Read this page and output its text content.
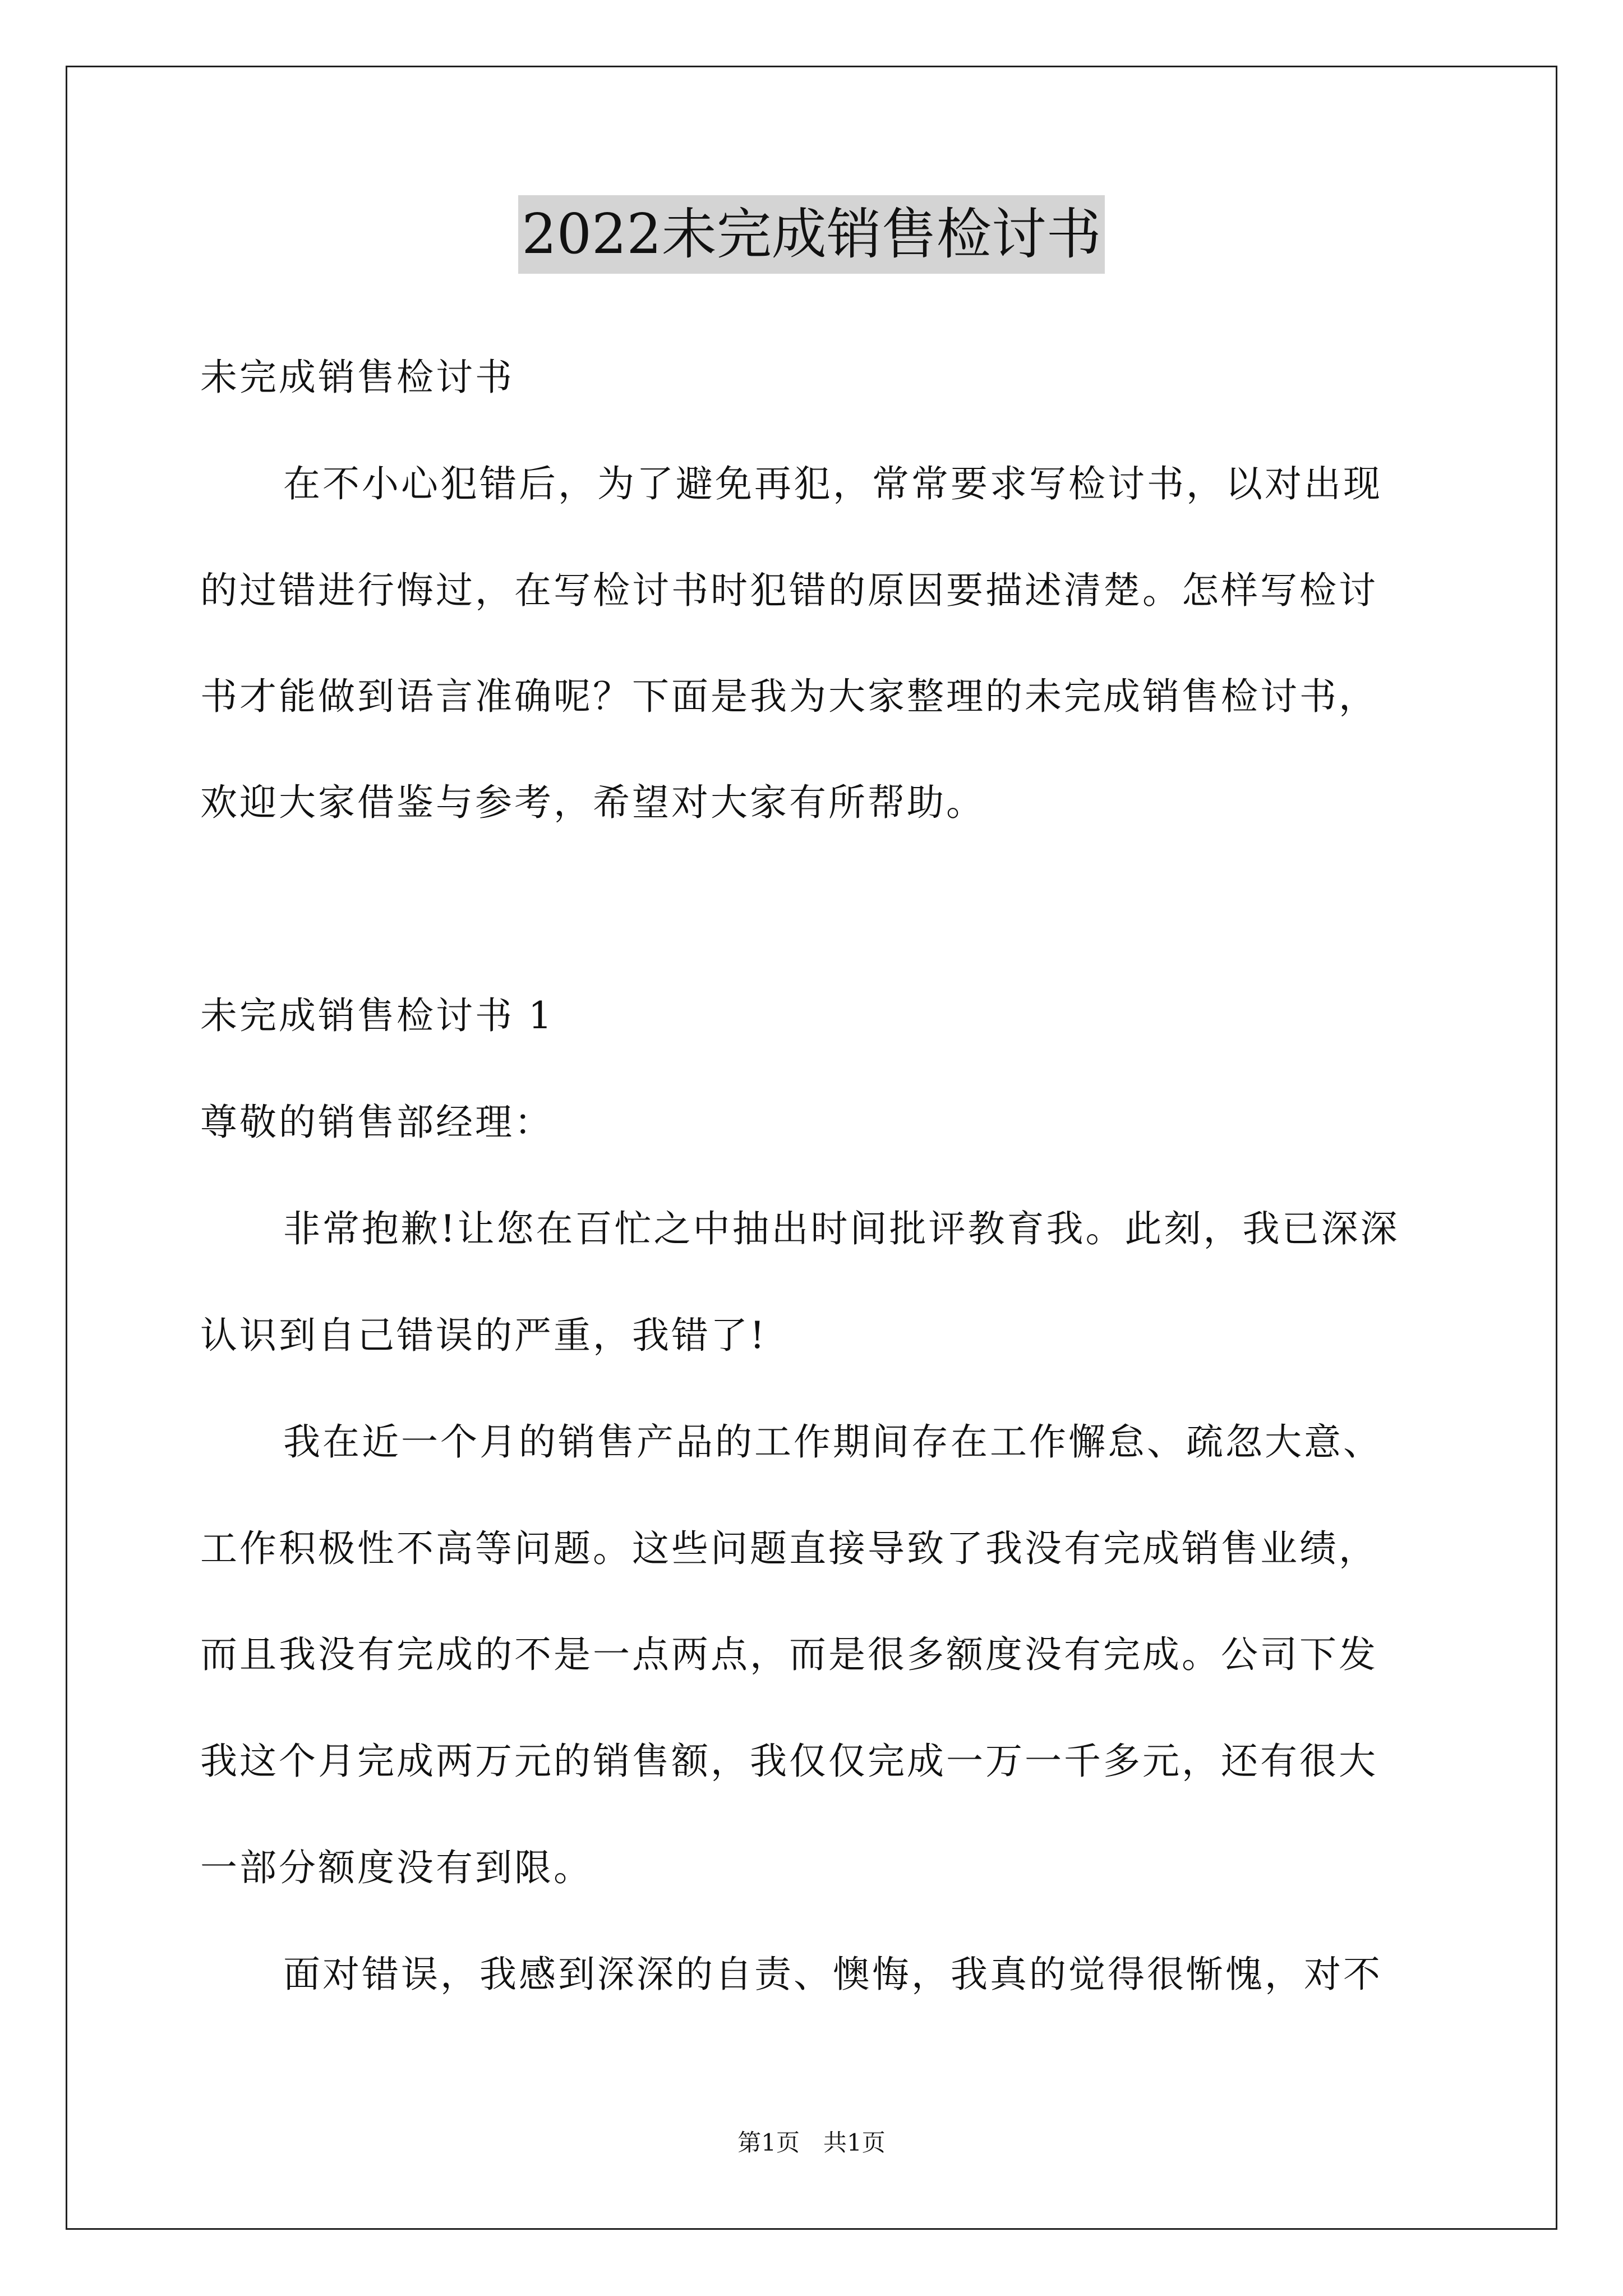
2022未完成销售检讨书
未完成销售检讨书
在不小心犯错后，为了避免再犯，常常要求写检讨书，以对出现
的过错进行悔过，在写检讨书时犯错的原因要描述清楚。怎样写检讨
书才能做到语言准确呢？下面是我为大家整理的未完成销售检讨书，
欢迎大家借鉴与参考，希望对大家有所帮助。
未完成销售检讨书 1
尊敬的销售部经理：
非常抱歉!让您在百忙之中抽出时间批评教育我。此刻，我已深深
认识到自己错误的严重，我错了!
我在近一个月的销售产品的工作期间存在工作懈怠、疏忽大意、
工作积极性不高等问题。这些问题直接导致了我没有完成销售业绩，
而且我没有完成的不是一点两点，而是很多额度没有完成。公司下发
我这个月完成两万元的销售额，我仅仅完成一万一千多元，还有很大
一部分额度没有到限。
面对错误，我感到深深的自责、懊悔，我真的觉得很惭愧，对不
第1页　共1页
